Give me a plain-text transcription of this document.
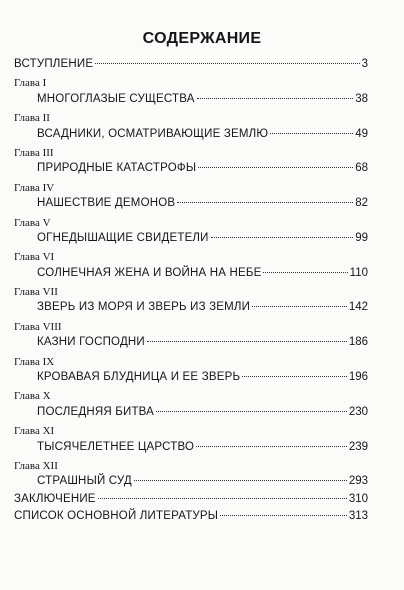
СОДЕРЖАНИЕ
ВСТУПЛЕНИЕ	3
Глава I
МНОГОГЛАЗЫЕ СУЩЕСТВА	38
Глава II
ВСАДНИКИ, ОСМАТРИВАЮЩИЕ ЗЕМЛЮ	49
Глава III
ПРИРОДНЫЕ КАТАСТРОФЫ	68
Глава IV
НАШЕСТВИЕ ДЕМОНОВ	82
Глава V
ОГНЕДЫШАЩИЕ СВИДЕТЕЛИ	99
Глава VI
СОЛНЕЧНАЯ ЖЕНА И ВОЙНА НА НЕБЕ	110
Глава VII
ЗВЕРЬ ИЗ МОРЯ И ЗВЕРЬ ИЗ ЗЕМЛИ	142
Глава VIII
КАЗНИ ГОСПОДНИ	186
Глава IX
КРОВАВАЯ БЛУДНИЦА И ЕЕ ЗВЕРЬ	196
Глава X
ПОСЛЕДНЯЯ БИТВА	230
Глава XI
ТЫСЯЧЕЛЕТНЕЕ ЦАРСТВО	239
Глава XII
СТРАШНЫЙ СУД	293
ЗАКЛЮЧЕНИЕ	310
СПИСОК ОСНОВНОЙ ЛИТЕРАТУРЫ	313
